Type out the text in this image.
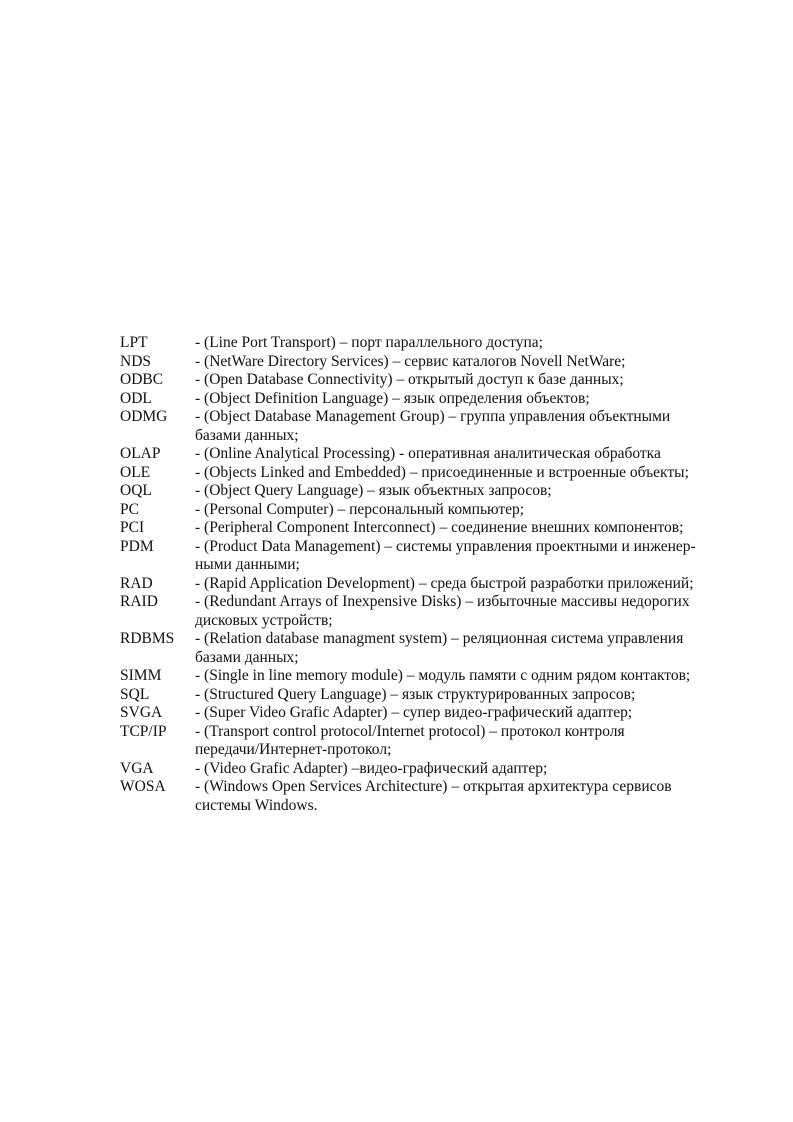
LPT	- (Line Port Transport) – порт параллельного доступа;
NDS	- (NetWare Directory Services) – сервис каталогов Novell NetWare;
ODBC	- (Open Database Connectivity) – открытый доступ к базе данных;
ODL	- (Object Definition Language) – язык определения объектов;
ODMG	- (Object Database Management Group) – группа управления объектными
базами данных;
OLAP	- (Online Analytical Processing) - оперативная аналитическая обработка
OLE	- (Objects Linked and Embedded) – присоединенные и встроенные объекты;
OQL	- (Object Query Language) – язык объектных запросов;
PC	- (Personal Computer) – персональный компьютер;
PCI	- (Peripheral Component Interconnect) – соединение внешних компонентов;
PDM	- (Product Data Management) – системы управления проектными и инженер-
ными данными;
RAD	- (Rapid Application Development) – среда быстрой разработки приложений;
RAID	- (Redundant Arrays of Inexpensive Disks) – избыточные массивы недорогих
дисковых устройств;
RDBMS	- (Relation database managment system) – реляционная система управления
базами данных;
SIMM	- (Single in line memory module) – модуль памяти с одним рядом контактов;
SQL	- (Structured Query Language) – язык структурированных запросов;
SVGA	- (Super Video Grafic Adapter) – супер видео-графический адаптер;
TCP/IP	- (Transport control protocol/Internet protocol) – протокол контроля
передачи/Интернет-протокол;
VGA	- (Video Grafic Adapter) –видео-графический адаптер;
WOSA	- (Windows Open Services Architecture) – открытая архитектура сервисов
системы Windows.
